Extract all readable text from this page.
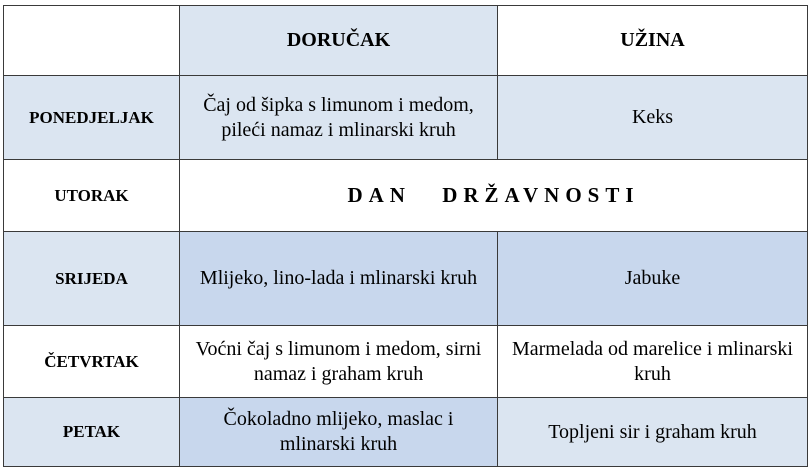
	DORUČAK	UŽINA
PONEDJELJAK	Čaj od šipka s limunom i medom, pileći namaz i mlinarski kruh	Keks
UTORAK	DAN DRŽAVNOSTI	
SRIJEDA	Mlijeko, lino-lada i mlinarski kruh	Jabuke
ČETVRTAK	Voćni čaj s limunom i medom, sirni namaz i graham kruh	Marmelada od marelice i mlinarski kruh
PETAK	Čokoladno mlijeko, maslac i mlinarski kruh	Topljeni sir i graham kruh
